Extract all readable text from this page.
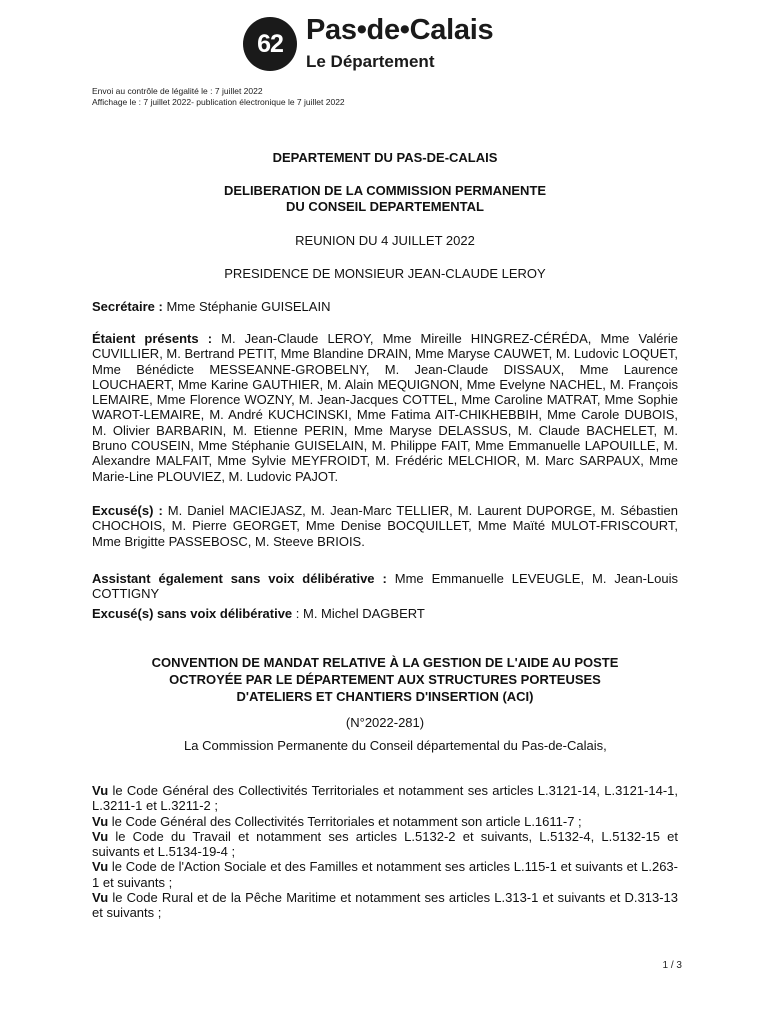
62 Pas•de•Calais
Le Département
Envoi au contrôle de légalité le : 7 juillet 2022
Affichage le : 7 juillet 2022- publication électronique le 7 juillet 2022
DEPARTEMENT DU PAS-DE-CALAIS
DELIBERATION DE LA COMMISSION PERMANENTE
DU CONSEIL DEPARTEMENTAL
REUNION DU 4 JUILLET 2022
PRESIDENCE DE MONSIEUR JEAN-CLAUDE LEROY
Secrétaire : Mme Stéphanie GUISELAIN
Étaient présents : M. Jean-Claude LEROY, Mme Mireille HINGREZ-CÉRÉDA, Mme Valérie CUVILLIER, M. Bertrand PETIT, Mme Blandine DRAIN, Mme Maryse CAUWET, M. Ludovic LOQUET, Mme Bénédicte MESSEANNE-GROBELNY, M. Jean-Claude DISSAUX, Mme Laurence LOUCHAERT, Mme Karine GAUTHIER, M. Alain MEQUIGNON, Mme Evelyne NACHEL, M. François LEMAIRE, Mme Florence WOZNY, M. Jean-Jacques COTTEL, Mme Caroline MATRAT, Mme Sophie WAROT-LEMAIRE, M. André KUCHCINSKI, Mme Fatima AIT-CHIKHEBBIH, Mme Carole DUBOIS, M. Olivier BARBARIN, M. Etienne PERIN, Mme Maryse DELASSUS, M. Claude BACHELET, M. Bruno COUSEIN, Mme Stéphanie GUISELAIN, M. Philippe FAIT, Mme Emmanuelle LAPOUILLE, M. Alexandre MALFAIT, Mme Sylvie MEYFROIDT, M. Frédéric MELCHIOR, M. Marc SARPAUX, Mme Marie-Line PLOUVIEZ, M. Ludovic PAJOT.
Excusé(s) : M. Daniel MACIEJASZ, M. Jean-Marc TELLIER, M. Laurent DUPORGE, M. Sébastien CHOCHOIS, M. Pierre GEORGET, Mme Denise BOCQUILLET, Mme Maïté MULOT-FRISCOURT, Mme Brigitte PASSEBOSC, M. Steeve BRIOIS.
Assistant également sans voix délibérative : Mme Emmanuelle LEVEUGLE, M. Jean-Louis COTTIGNY
Excusé(s) sans voix délibérative : M. Michel DAGBERT
CONVENTION DE MANDAT RELATIVE À LA GESTION DE L'AIDE AU POSTE
OCTROYÉE PAR LE DÉPARTEMENT AUX STRUCTURES PORTEUSES
D'ATELIERS ET CHANTIERS D'INSERTION (ACI)
(N°2022-281)
La Commission Permanente du Conseil départemental du Pas-de-Calais,
Vu le Code Général des Collectivités Territoriales et notamment ses articles L.3121-14, L.3121-14-1, L.3211-1 et L.3211-2 ;
Vu le Code Général des Collectivités Territoriales et notamment son article L.1611-7 ;
Vu le Code du Travail et notamment ses articles L.5132-2 et suivants, L.5132-4, L.5132-15 et suivants et L.5134-19-4 ;
Vu le Code de l'Action Sociale et des Familles et notamment ses articles L.115-1 et suivants et L.263-1 et suivants ;
Vu le Code Rural et de la Pêche Maritime et notamment ses articles L.313-1 et suivants et D.313-13 et suivants ;
1 / 3
